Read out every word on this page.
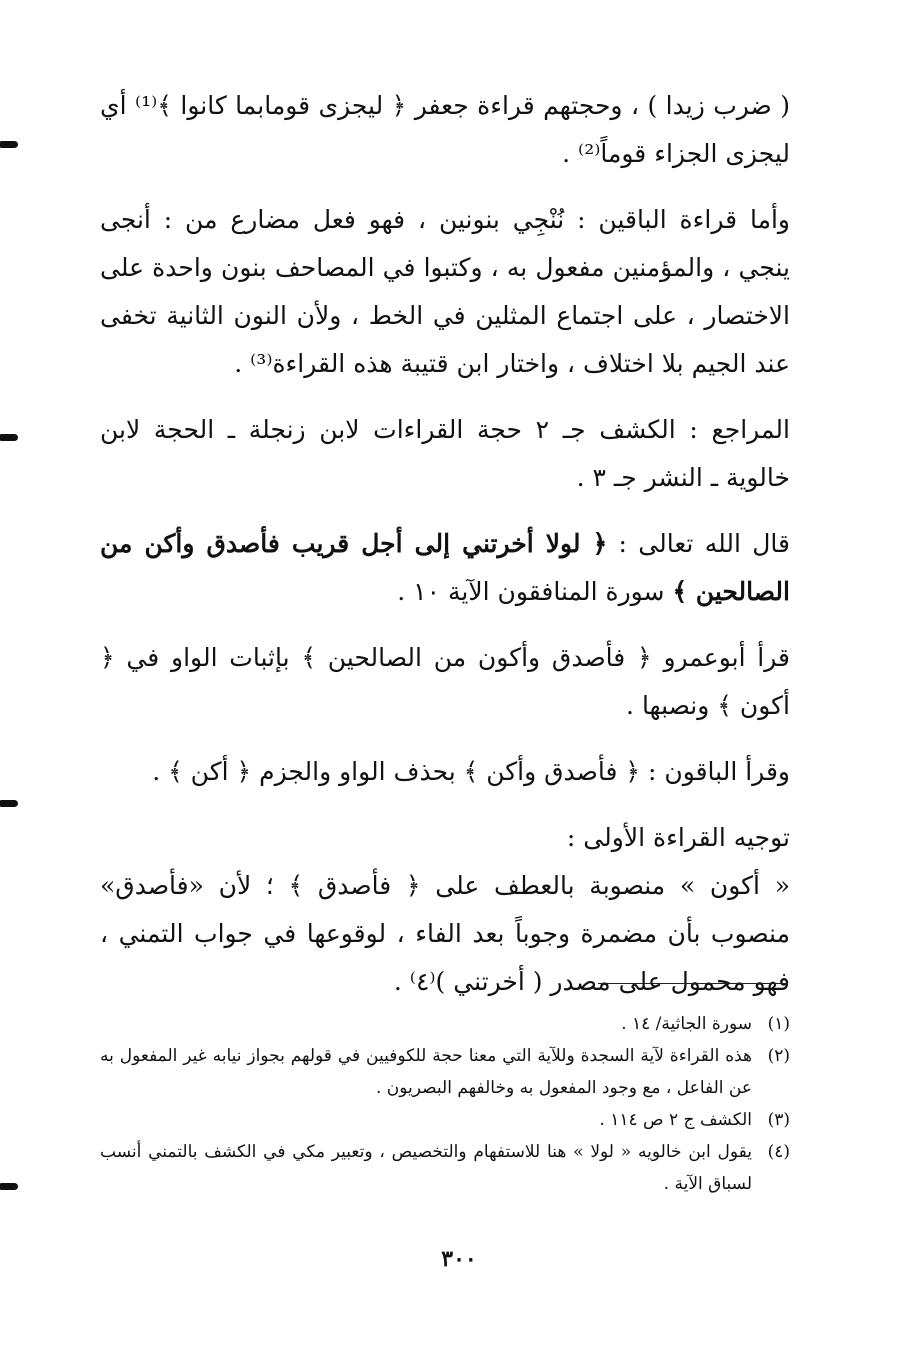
( ضرب زيدا ) ، وحجتهم قراءة جعفر ﴿ ليجزى قومابما كانوا ﴾⁽¹⁾ أي ليجزى الجزاء قوماً⁽²⁾ .

وأما قراءة الباقين : نُنْجِي بنونين ، فهو فعل مضارع من : أنجى ينجي ، والمؤمنين مفعول به ، وكتبوا في المصاحف بنون واحدة على الاختصار ، على اجتماع المثلين في الخط ، ولأن النون الثانية تخفى عند الجيم بلا اختلاف ، واختار ابن قتيبة هذه القراءة⁽³⁾ .

المراجع : الكشف جـ ٢ حجة القراءات لابن زنجلة ـ الحجة لابن خالوية ـ النشر جـ ٣ .

قال الله تعالى : ﴿ لولا أخرتني إلى أجل قريب فأصدق وأكن من الصالحين ﴾ سورة المنافقون الآية ١٠ .

قرأ أبوعمرو ﴿ فأصدق وأكون من الصالحين ﴾ بإثبات الواو في ﴿ أكون ﴾ ونصبها .

وقرأ الباقون : ﴿ فأصدق وأكن ﴾ بحذف الواو والجزم ﴿ أكن ﴾ .

توجيه القراءة الأولى :

« أكون » منصوبة بالعطف على ﴿ فأصدق ﴾ ؛ لأن «فأصدق» منصوب بأن مضمرة وجوباً بعد الفاء ، لوقوعها في جواب التمني ، فهو محمول على مصدر ( أخرتني )⁽٤⁾ .

(١)
سورة الجاثية/ ١٤ .

(٢)
هذه القراءة لآية السجدة وللآية التي معنا حجة للكوفيين في قولهم بجواز نيابه غير المفعول به عن الفاعل ، مع وجود المفعول به وخالفهم البصريون .

(٣)
الكشف ج ٢ ص ١١٤ .

(٤)
يقول ابن خالويه « لولا » هنا للاستفهام والتخصيص ، وتعبير مكي في الكشف بالتمني أنسب لسباق الآية .

٣٠٠
